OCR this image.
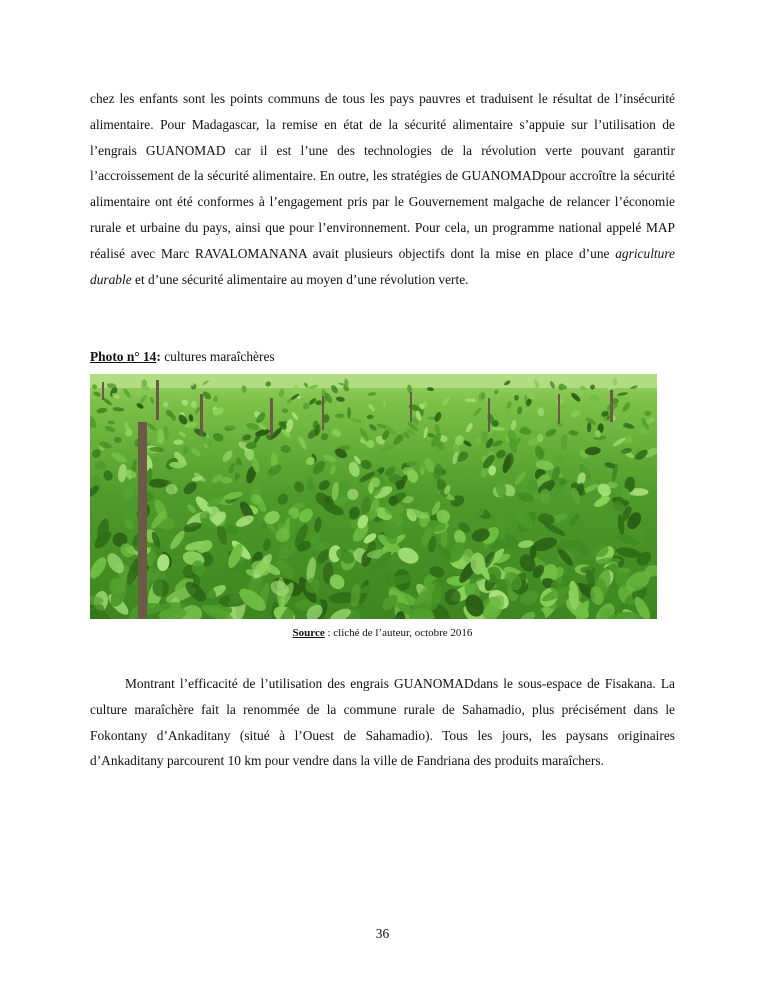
chez les enfants sont les points communs de tous les pays pauvres et traduisent le résultat de l’insécurité alimentaire. Pour Madagascar, la remise en état de la sécurité alimentaire s’appuie sur l’utilisation de l’engrais GUANOMAD car il est l’une des technologies de la révolution verte pouvant garantir l’accroissement de la sécurité alimentaire. En outre, les stratégies de GUANOMADpour accroître la sécurité alimentaire ont été conformes à l’engagement pris par le Gouvernement malgache de relancer l’économie rurale et urbaine du pays, ainsi que pour l’environnement. Pour cela, un programme national appelé MAP réalisé avec Marc RAVALOMANANA avait plusieurs objectifs dont la mise en place d’une agriculture durable et d’une sécurité alimentaire au moyen d’une révolution verte.

Photo n° 14: cultures maraîchères
Source : cliché de l’auteur, octobre 2016

Montrant l’efficacité de l’utilisation des engrais GUANOMADdans le sous-espace de Fisakana. La culture maraîchère fait la renommée de la commune rurale de Sahamadio, plus précisément dans le Fokontany d’Ankaditany (situé à l’Ouest de Sahamadio). Tous les jours, les paysans originaires d’Ankaditany parcourent 10 km pour vendre dans la ville de Fandriana des produits maraîchers.

36
